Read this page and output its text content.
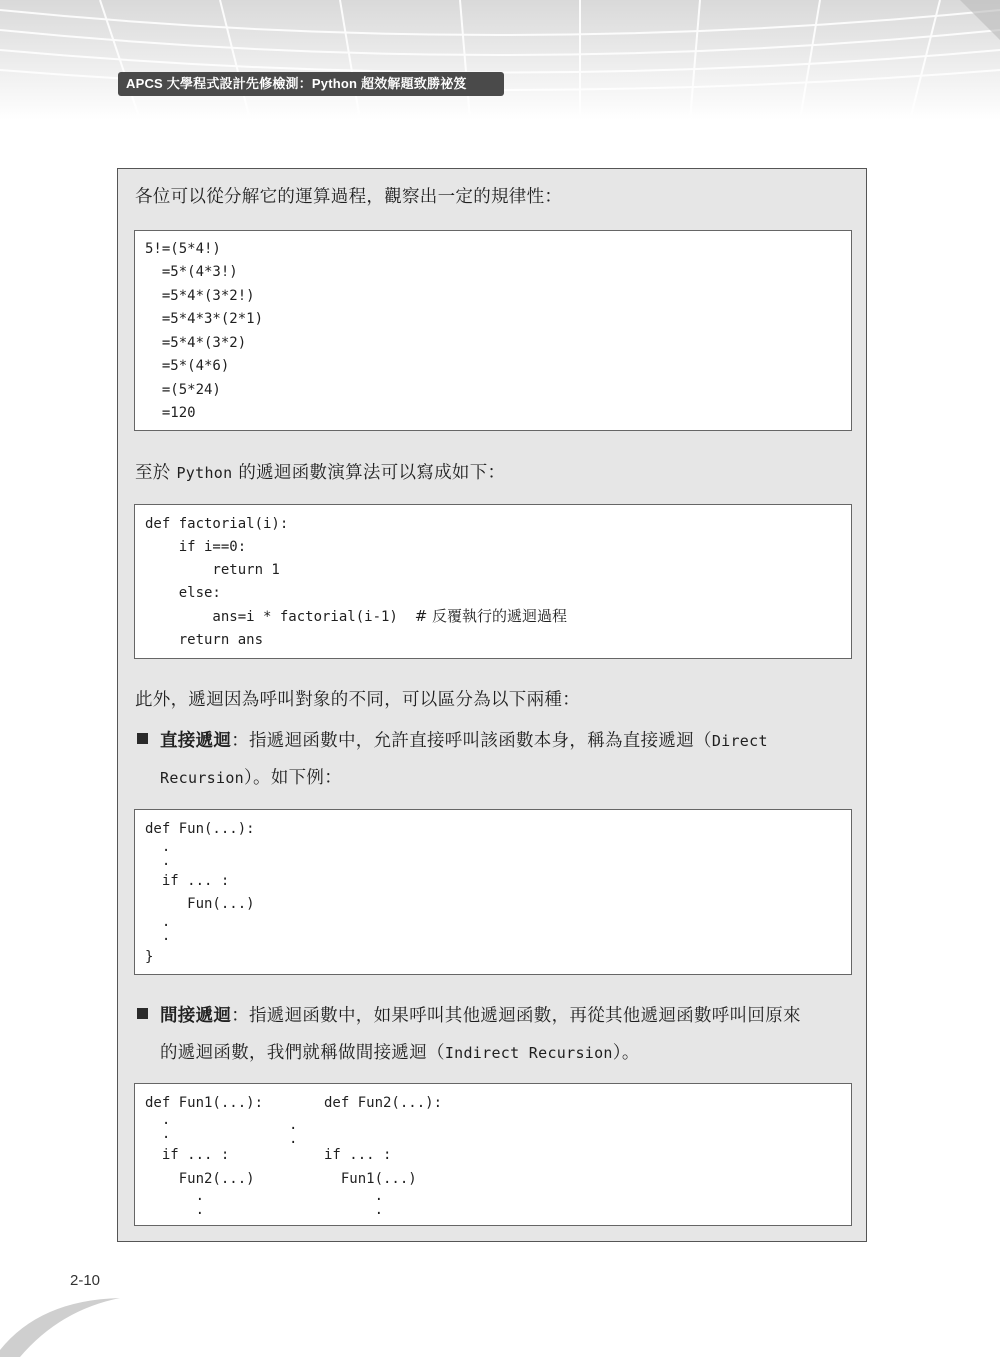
APCS 大學程式設計先修檢測：Python 超效解題致勝祕笈
各位可以從分解它的運算過程，觀察出一定的規律性：
5!=(5*4!)
=5*(4*3!)
=5*4*(3*2!)
=5*4*3*(2*1)
=5*4*(3*2)
=5*(4*6)
=(5*24)
=120
至於 Python 的遞迴函數演算法可以寫成如下：
def factorial(i):
if i==0:
return 1
else:
ans=i * factorial(i-1)  # 反覆執行的遞迴過程
return ans
此外，遞迴因為呼叫對象的不同，可以區分為以下兩種：
直接遞迴：指遞迴函數中，允許直接呼叫該函數本身，稱為直接遞迴（Direct
Recursion）。如下例：
def Fun(...):
.
.
if ... :
Fun(...)
.
.
}
間接遞迴：指遞迴函數中，如果呼叫其他遞迴函數，再從其他遞迴函數呼叫回原來
的遞迴函數，我們就稱做間接遞迴（Indirect Recursion）。
def Fun1(...):
.
.
if ... :
Fun2(...)
.
.
.
.
def Fun2(...):
if ... :
Fun1(...)
.
.
2-10
